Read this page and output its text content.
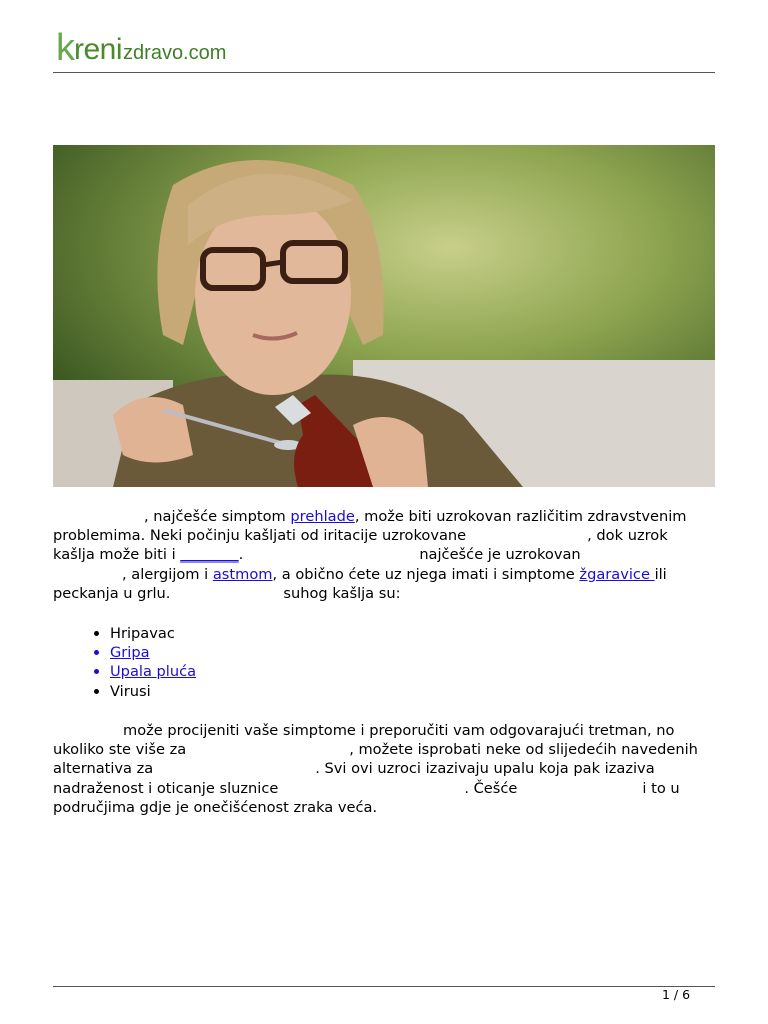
k reni zdravo.com
, najčešće simptom prehlade, može biti uzrokovan različitim zdravstvenim
problemima. Neki počinju kašljati od iritacije uzrokovane	, dok uzrok
kašlja može biti i ________.	najčešće je uzrokovan
, alergijom i astmom, a obično ćete uz njega imati i simptome žgaravice ili
peckanja u grlu.	suhog kašlja su:
Hripavac
Gripa
Upala pluća
Virusi
može procijeniti vaše simptome i preporučiti vam odgovarajući tretman, no
ukoliko ste više za	, možete isprobati neke od slijedećih navedenih
alternativa za	. Svi ovi uzroci izazivaju upalu koja pak izaziva
nadraženost i oticanje sluznice	. Češće	i to u
područjima gdje je onečišćenost zraka veća.
1 / 6
